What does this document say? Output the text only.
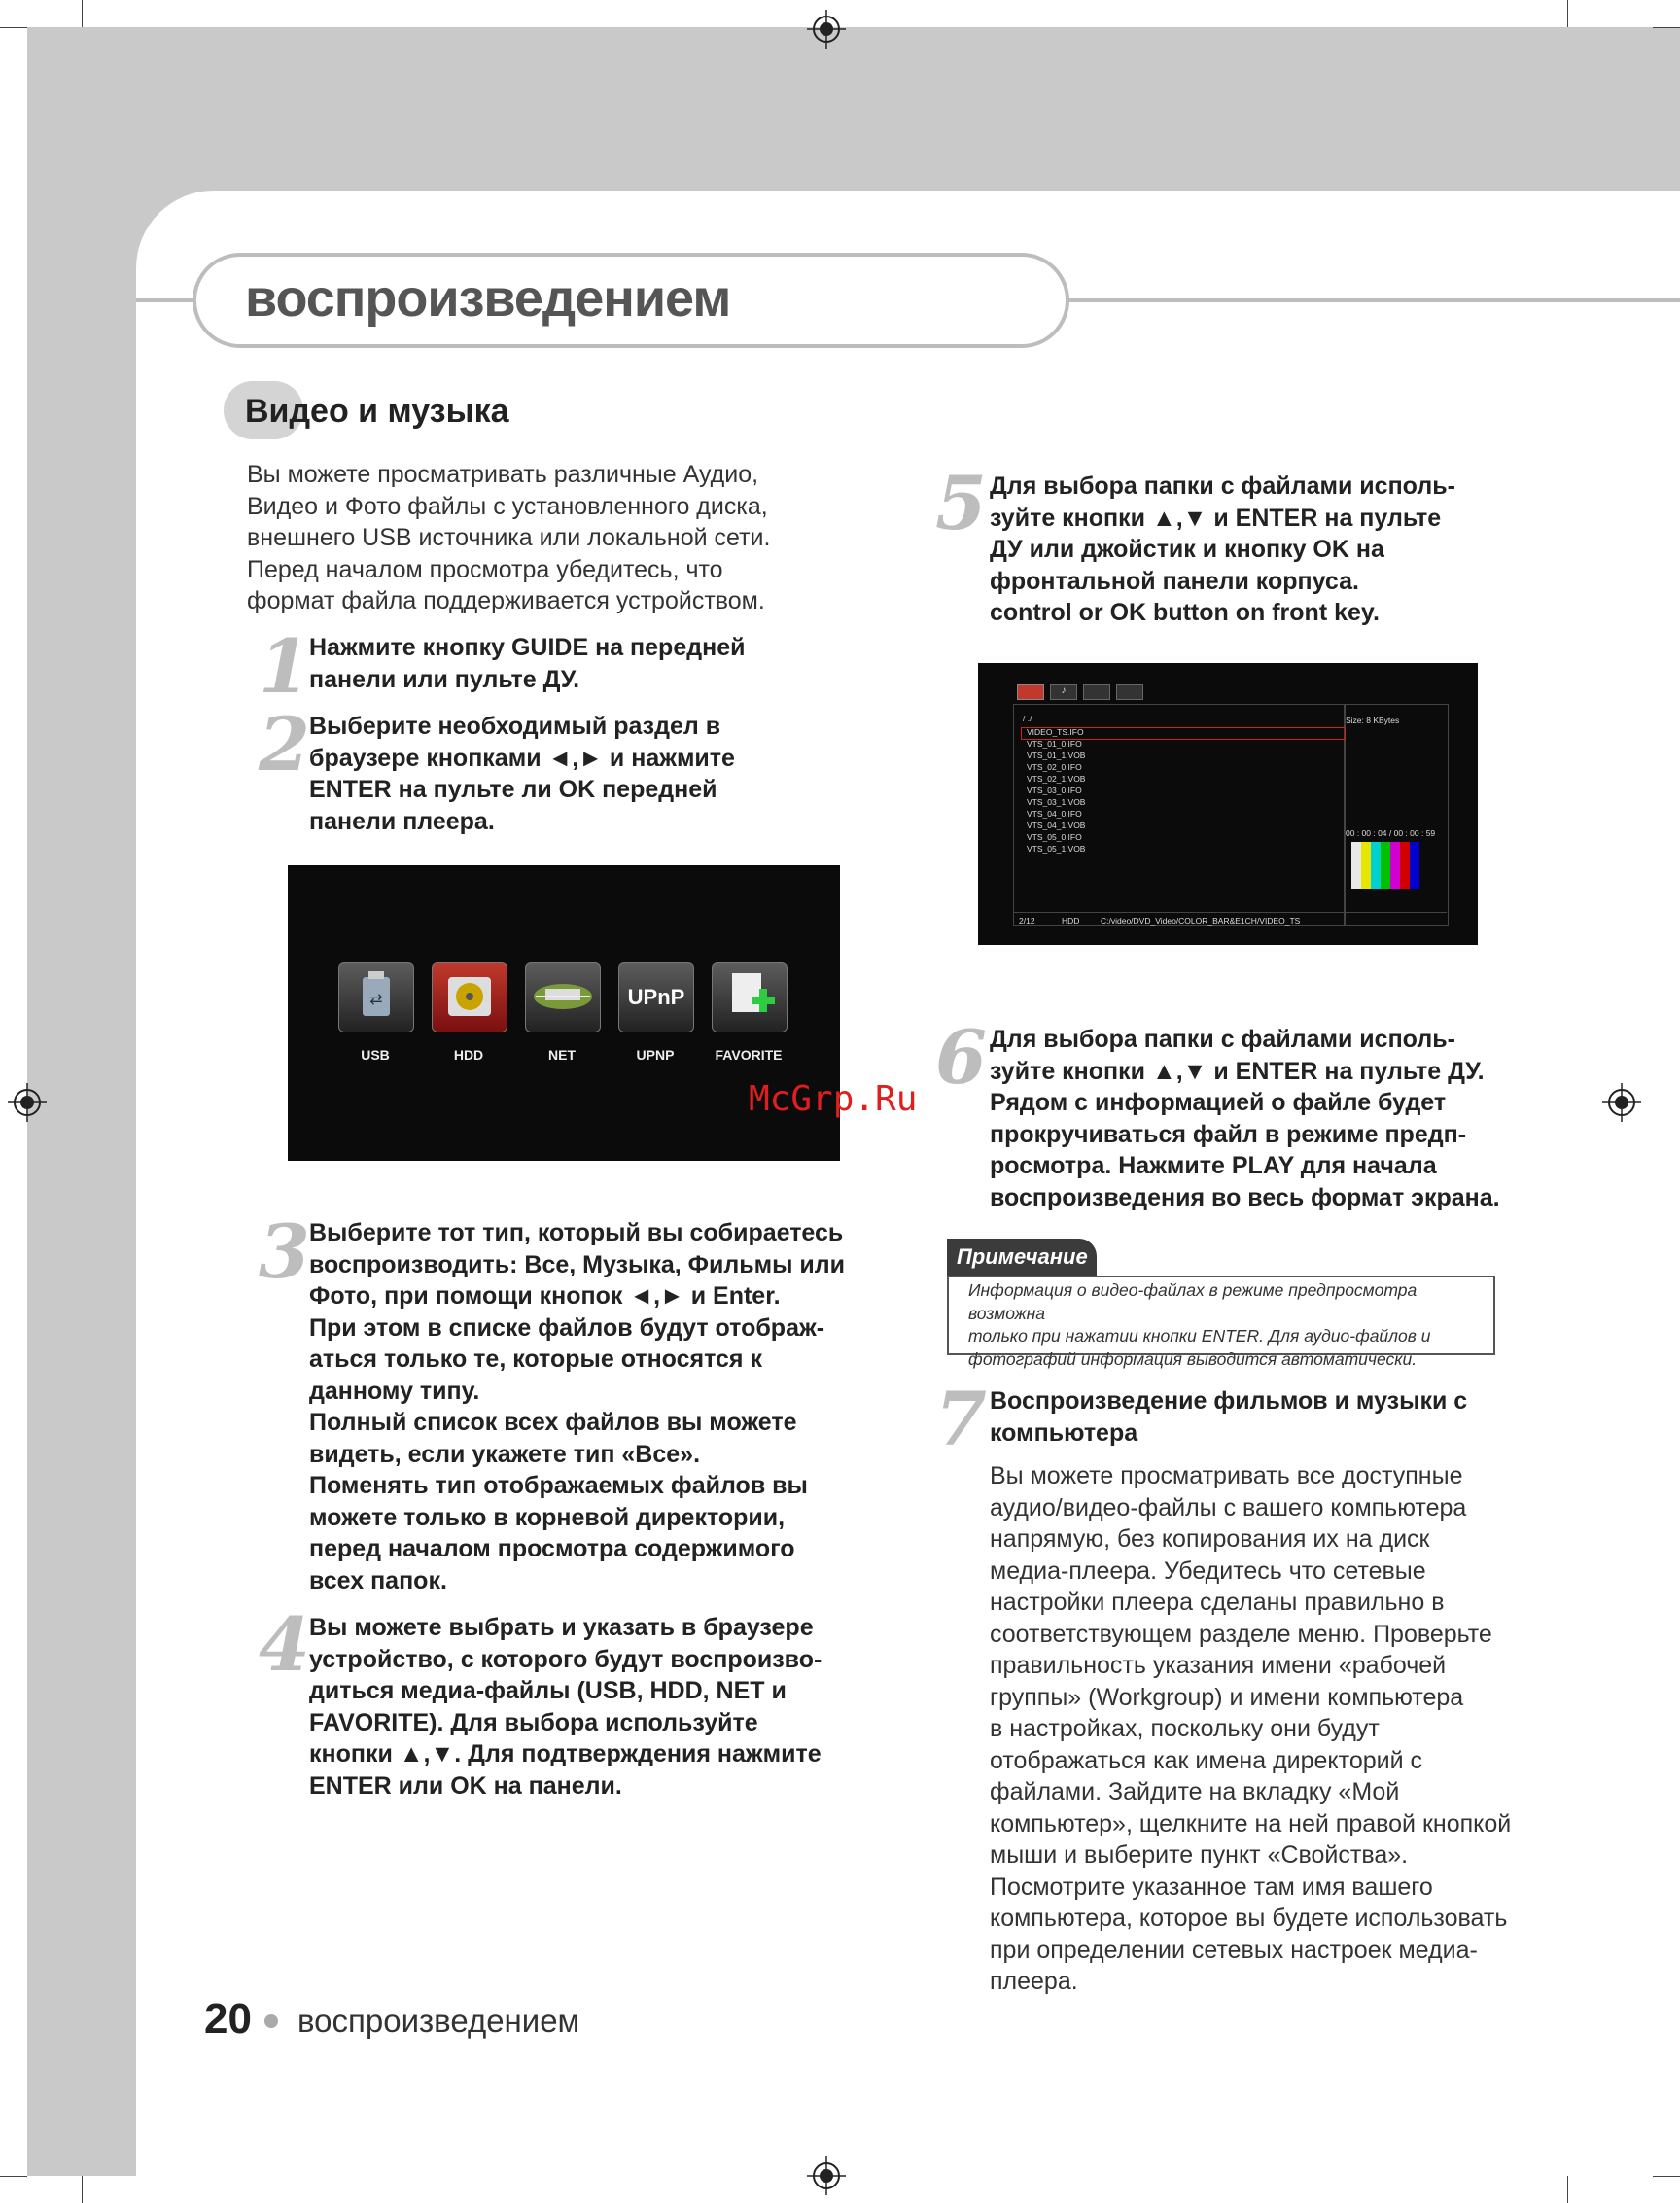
воспроизведением
Видео и музыка
Вы можете просматривать различные Аудио,
Видео и Фото файлы с установленного диска,
внешнего USB источника или локальной сети.
Перед началом просмотра убедитесь, что
формат файла поддерживается устройством.
1 Нажмите кнопку GUIDE на передней
панели или пульте ДУ.
2 Выберите необходимый раздел в
браузере кнопками ◄,► и нажмите
ENTER на пульте ли OK передней
панели плеера.
⇄	UPnP
USB	HDD	NET	UPNP	FAVORITE
McGrp.Ru
3 Выберите тот тип, который вы собираетесь
воспроизводить: Все, Музыка, Фильмы или
Фото, при помощи кнопок ◄,► и Enter.
При этом в списке файлов будут отображ-
аться только те, которые относятся к
данному типу.
Полный список всех файлов вы можете
видеть, если укажете тип «Все».
Поменять тип отображаемых файлов вы
можете только в корневой директории,
перед началом просмотра содержимого
всех папок.
4 Вы можете выбрать и указать в браузере
устройство, с которого будут воспроизво-
диться медиа-файлы (USB, HDD, NET и
FAVORITE). Для выбора используйте
кнопки ▲,▼. Для подтверждения нажмите
ENTER или OK на панели.
5 Для выбора папки с файлами исполь-
зуйте кнопки ▲,▼ и ENTER на пульте
ДУ или джойстик и кнопку OK на
фронтальной панели корпуса.
control or OK button on front key.
♪
/ ./
VIDEO_TS.IFO
VTS_01_0.IFO
VTS_01_1.VOB
VTS_02_0.IFO
VTS_02_1.VOB
VTS_03_0.IFO
VTS_03_1.VOB
VTS_04_0.IFO
VTS_04_1.VOB
VTS_05_0.IFO
VTS_05_1.VOB
Size: 8 KBytes
00 : 00 : 04 / 00 : 00 : 59
2/12	HDD	C:/video/DVD_Video/COLOR_BAR&E1CH/VIDEO_TS
6 Для выбора папки с файлами исполь-
зуйте кнопки ▲,▼ и ENTER на пульте ДУ.
Рядом с информацией о файле будет
прокручиваться файл в режиме предп-
росмотра. Нажмите PLAY для начала
воспроизведения во весь формат экрана.
Примечание
Информация о видео-файлах в режиме предпросмотра возможна
только при нажатии кнопки ENTER. Для аудио-файлов и
фотографий информация выводится автоматически.
7 Воспроизведение фильмов и музыки с
компьютера
Вы можете просматривать все доступные
аудио/видео-файлы с вашего компьютера
напрямую, без копирования их на диск
медиа-плеера. Убедитесь что сетевые
настройки плеера сделаны правильно в
соответствующем разделе меню. Проверьте
правильность указания имени «рабочей
группы» (Workgroup) и имени компьютера
в настройках, поскольку они будут
отображаться как имена директорий с
файлами. Зайдите на вкладку «Мой
компьютер», щелкните на ней правой кнопкой
мыши и выберите пункт «Свойства».
Посмотрите указанное там имя вашего
компьютера, которое вы будете использовать
при определении сетевых настроек медиа-
плеера.
20 воспроизведением
